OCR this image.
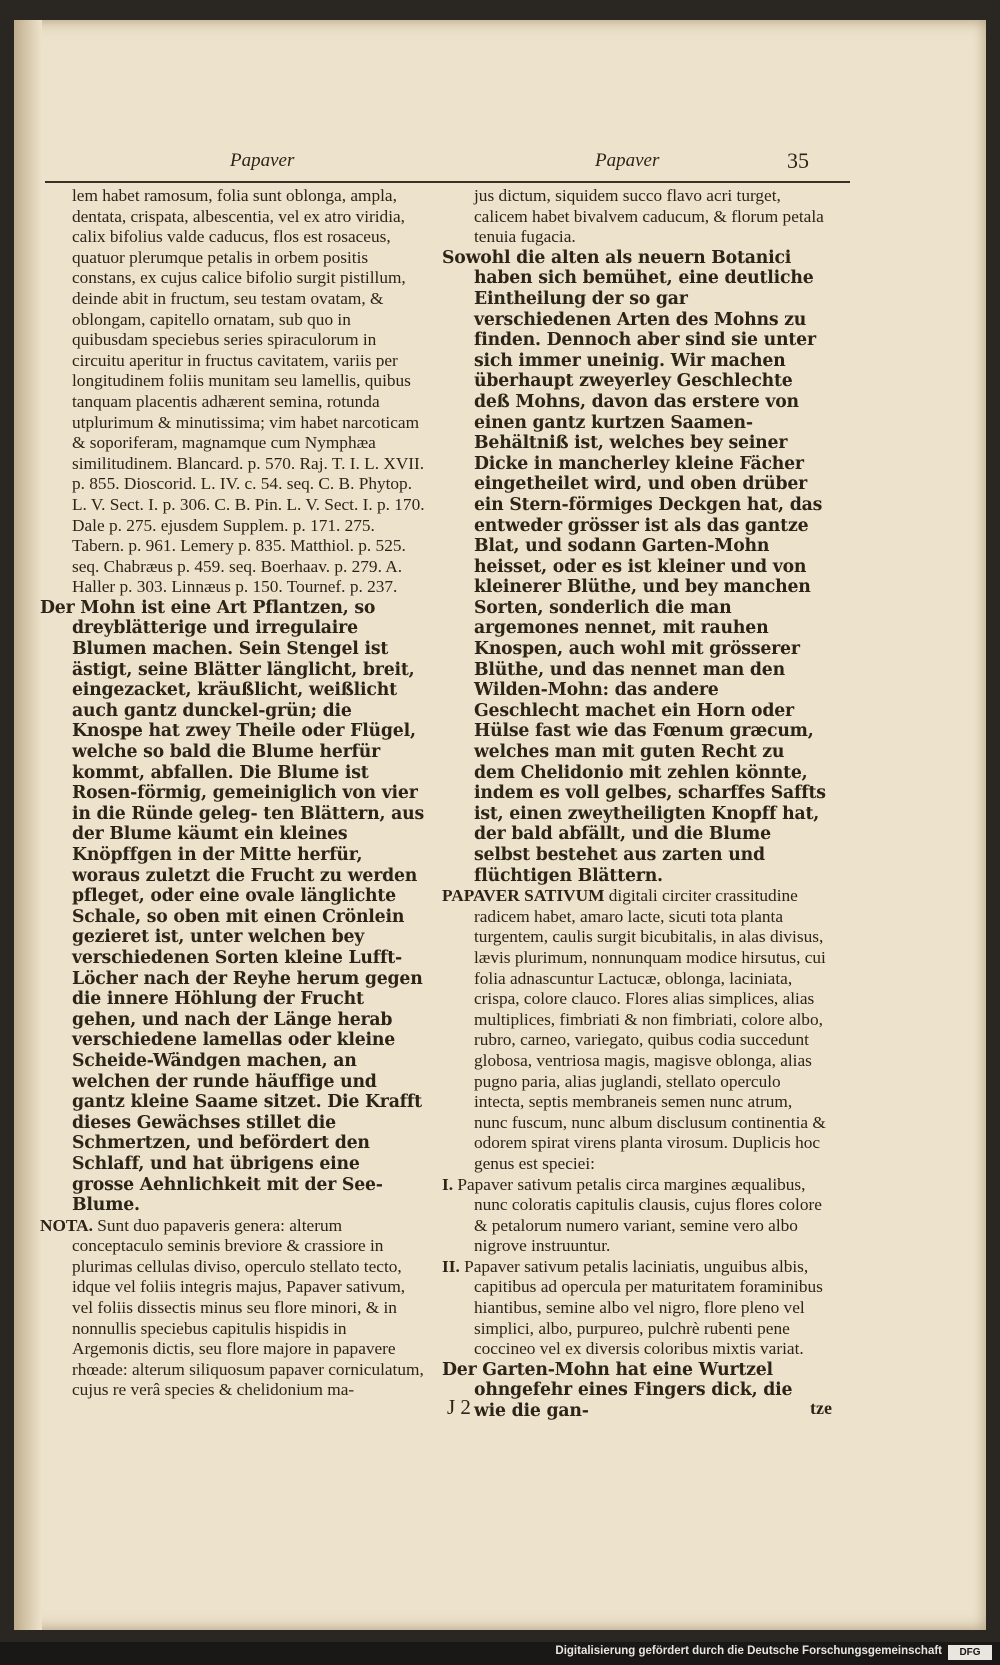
Papaver	Papaver	35

lem habet ramosum, folia sunt oblonga, ampla, dentata, crispata, albescentia, vel ex atro viridia, calix bifolius valde caducus, flos est rosaceus, quatuor plerumque petalis in orbem positis constans, ex cujus calice bifolio surgit pistillum, deinde abit in fructum, seu testam ovatam, & oblongam, capitello ornatam, sub quo in quibusdam speciebus series spiraculorum in circuitu aperitur in fructus cavitatem, variis per longitudinem foliis munitam seu lamellis, quibus tanquam placentis adhærent semina, rotunda utplurimum & minutissima; vim habet narcoticam & soporiferam, magnamque cum Nymphæa similitudinem. Blancard. p. 570. Raj. T. I. L. XVII. p. 855. Dioscorid. L. IV. c. 54. seq. C. B. Phytop. L. V. Sect. I. p. 306. C. B. Pin. L. V. Sect. I. p. 170. Dale p. 275. ejusdem Supplem. p. 171. 275. Tabern. p. 961. Lemery p. 835. Matthiol. p. 525. seq. Chabræus p. 459. seq. Boerhaav. p. 279. A. Haller p. 303. Linnæus p. 150. Tournef. p. 237.

Der Mohn ist eine Art Pflantzen, so dreyblätterige und irregulaire Blumen machen. Sein Stengel ist ästigt, seine Blätter länglicht, breit, eingezacket, kräußlicht, weißlicht auch gantz dunckel-grün; die Knospe hat zwey Theile oder Flügel, welche so bald die Blume herfür kommt, abfallen. Die Blume ist Rosen-förmig, gemeiniglich von vier in die Ründe geleg- ten Blättern, aus der Blume käumt ein kleines Knöpffgen in der Mitte herfür, woraus zuletzt die Frucht zu werden pfleget, oder eine ovale länglichte Schale, so oben mit einen Crönlein gezieret ist, unter welchen bey verschiedenen Sorten kleine Lufft-Löcher nach der Reyhe herum gegen die innere Höhlung der Frucht gehen, und nach der Länge herab verschiedene lamellas oder kleine Scheide-Wändgen machen, an welchen der runde häuffige und gantz kleine Saame sitzet. Die Krafft dieses Gewächses stillet die Schmertzen, und befördert den Schlaff, und hat übrigens eine grosse Aehnlichkeit mit der See-Blume.

NOTA. Sunt duo papaveris genera: alterum conceptaculo seminis breviore & crassiore in plurimas cellulas diviso, operculo stellato tecto, idque vel foliis integris majus, Papaver sativum, vel foliis dissectis minus seu flore minori, & in nonnullis speciebus capitulis hispidis in Argemonis dictis, seu flore majore in papavere rhœade: alterum siliquosum papaver corniculatum, cujus re verâ species & chelidonium ma-

jus dictum, siquidem succo flavo acri turget, calicem habet bivalvem caducum, & florum petala tenuia fugacia.

Sowohl die alten als neuern Botanici haben sich bemühet, eine deutliche Eintheilung der so gar verschiedenen Arten des Mohns zu finden. Dennoch aber sind sie unter sich immer uneinig. Wir machen überhaupt zweyerley Geschlechte deß Mohns, davon das erstere von einen gantz kurtzen Saamen-Behältniß ist, welches bey seiner Dicke in mancherley kleine Fächer eingetheilet wird, und oben drüber ein Stern-förmiges Deckgen hat, das entweder grösser ist als das gantze Blat, und sodann Garten-Mohn heisset, oder es ist kleiner und von kleinerer Blüthe, und bey manchen Sorten, sonderlich die man argemones nennet, mit rauhen Knospen, auch wohl mit grösserer Blüthe, und das nennet man den Wilden-Mohn: das andere Geschlecht machet ein Horn oder Hülse fast wie das Fœnum græcum, welches man mit guten Recht zu dem Chelidonio mit zehlen könnte, indem es voll gelbes, scharffes Saffts ist, einen zweytheiligten Knopff hat, der bald abfällt, und die Blume selbst bestehet aus zarten und flüchtigen Blättern.

PAPAVER SATIVUM digitali circiter crassitudine radicem habet, amaro lacte, sicuti tota planta turgentem, caulis surgit bicubitalis, in alas divisus, lævis plurimum, nonnunquam modice hirsutus, cui folia adnascuntur Lactucæ, oblonga, laciniata, crispa, colore clauco. Flores alias simplices, alias multiplices, fimbriati & non fimbriati, colore albo, rubro, carneo, variegato, quibus codia succedunt globosa, ventriosa magis, magisve oblonga, alias pugno paria, alias juglandi, stellato operculo intecta, septis membraneis semen nunc atrum, nunc fuscum, nunc album disclusum continentia & odorem spirat virens planta virosum. Duplicis hoc genus est speciei:

I. Papaver sativum petalis circa margines æqualibus, nunc coloratis capitulis clausis, cujus flores colore & petalorum numero variant, semine vero albo nigrove instruuntur.

II. Papaver sativum petalis laciniatis, unguibus albis, capitibus ad opercula per maturitatem foraminibus hiantibus, semine albo vel nigro, flore pleno vel simplici, albo, purpureo, pulchrè rubenti pene coccineo vel ex diversis coloribus mixtis variat.

Der Garten-Mohn hat eine Wurtzel ohngefehr eines Fingers dick, die wie die gan-

J 2	tze
Digitalisierung gefördert durch die Deutsche Forschungsgemeinschaft	DFG
